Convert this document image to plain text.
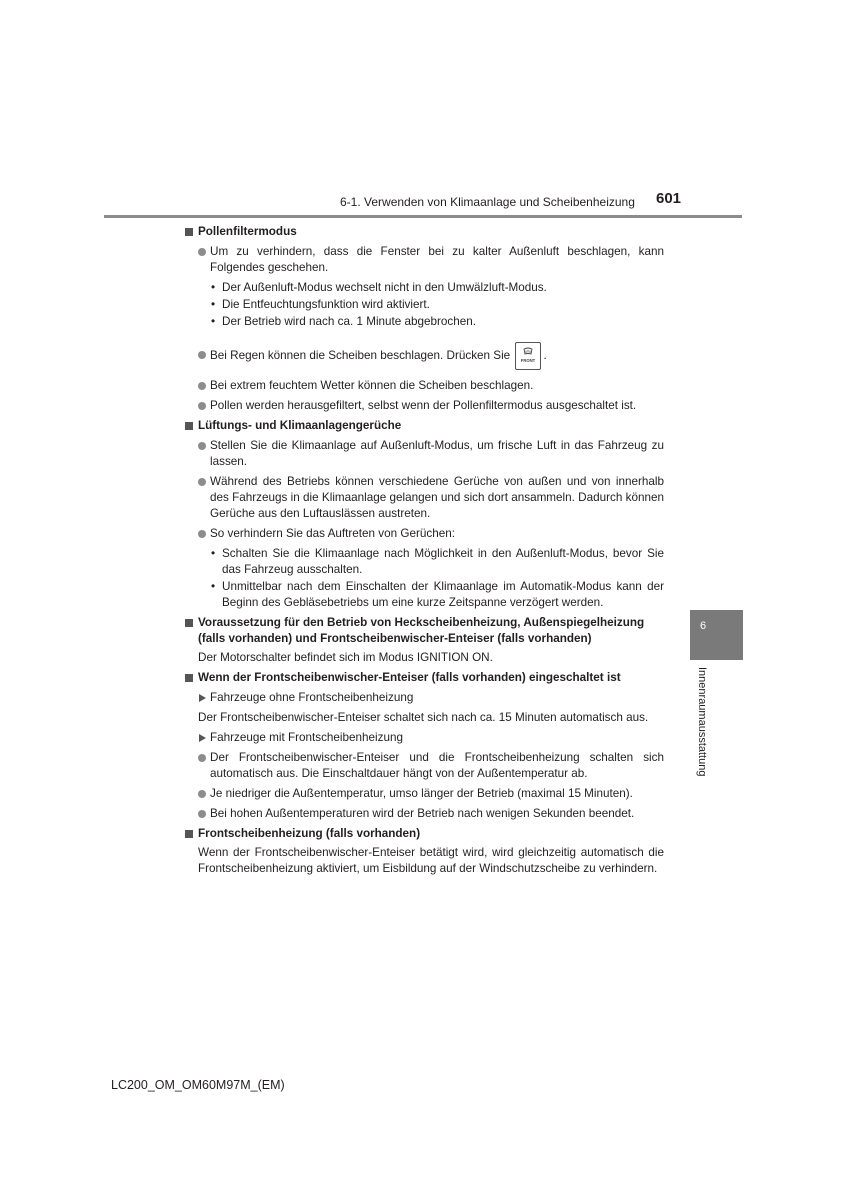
6-1. Verwenden von Klimaanlage und Scheibenheizung 601
Pollenfiltermodus
Um zu verhindern, dass die Fenster bei zu kalter Außenluft beschlagen, kann Folgendes geschehen.
• Der Außenluft-Modus wechselt nicht in den Umwälzluft-Modus.
• Die Entfeuchtungsfunktion wird aktiviert.
• Der Betrieb wird nach ca. 1 Minute abgebrochen.
Bei Regen können die Scheiben beschlagen. Drücken Sie	FRONT .
Bei extrem feuchtem Wetter können die Scheiben beschlagen.
Pollen werden herausgefiltert, selbst wenn der Pollenfiltermodus ausgeschaltet ist.
Lüftungs- und Klimaanlagengerüche
Stellen Sie die Klimaanlage auf Außenluft-Modus, um frische Luft in das Fahrzeug zu lassen.
Während des Betriebs können verschiedene Gerüche von außen und von innerhalb des Fahrzeugs in die Klimaanlage gelangen und sich dort ansammeln. Dadurch können Gerüche aus den Luftauslässen austreten.
So verhindern Sie das Auftreten von Gerüchen:
• Schalten Sie die Klimaanlage nach Möglichkeit in den Außenluft-Modus, bevor Sie das Fahrzeug ausschalten.
• Unmittelbar nach dem Einschalten der Klimaanlage im Automatik-Modus kann der Beginn des Gebläsebetriebs um eine kurze Zeitspanne verzögert werden.
Voraussetzung für den Betrieb von Heckscheibenheizung, Außenspiegelheizung (falls vorhanden) und Frontscheibenwischer-Enteiser (falls vorhanden)
Der Motorschalter befindet sich im Modus IGNITION ON.
Wenn der Frontscheibenwischer-Enteiser (falls vorhanden) eingeschaltet ist
Fahrzeuge ohne Frontscheibenheizung
Der Frontscheibenwischer-Enteiser schaltet sich nach ca. 15 Minuten automatisch aus.
Fahrzeuge mit Frontscheibenheizung
Der Frontscheibenwischer-Enteiser und die Frontscheibenheizung schalten sich automatisch aus. Die Einschaltdauer hängt von der Außentemperatur ab.
Je niedriger die Außentemperatur, umso länger der Betrieb (maximal 15 Minuten).
Bei hohen Außentemperaturen wird der Betrieb nach wenigen Sekunden beendet.
Frontscheibenheizung (falls vorhanden)
Wenn der Frontscheibenwischer-Enteiser betätigt wird, wird gleichzeitig automatisch die Frontscheibenheizung aktiviert, um Eisbildung auf der Windschutzscheibe zu verhindern.
6
Innenraumausstattung
LC200_OM_OM60M97M_(EM)
